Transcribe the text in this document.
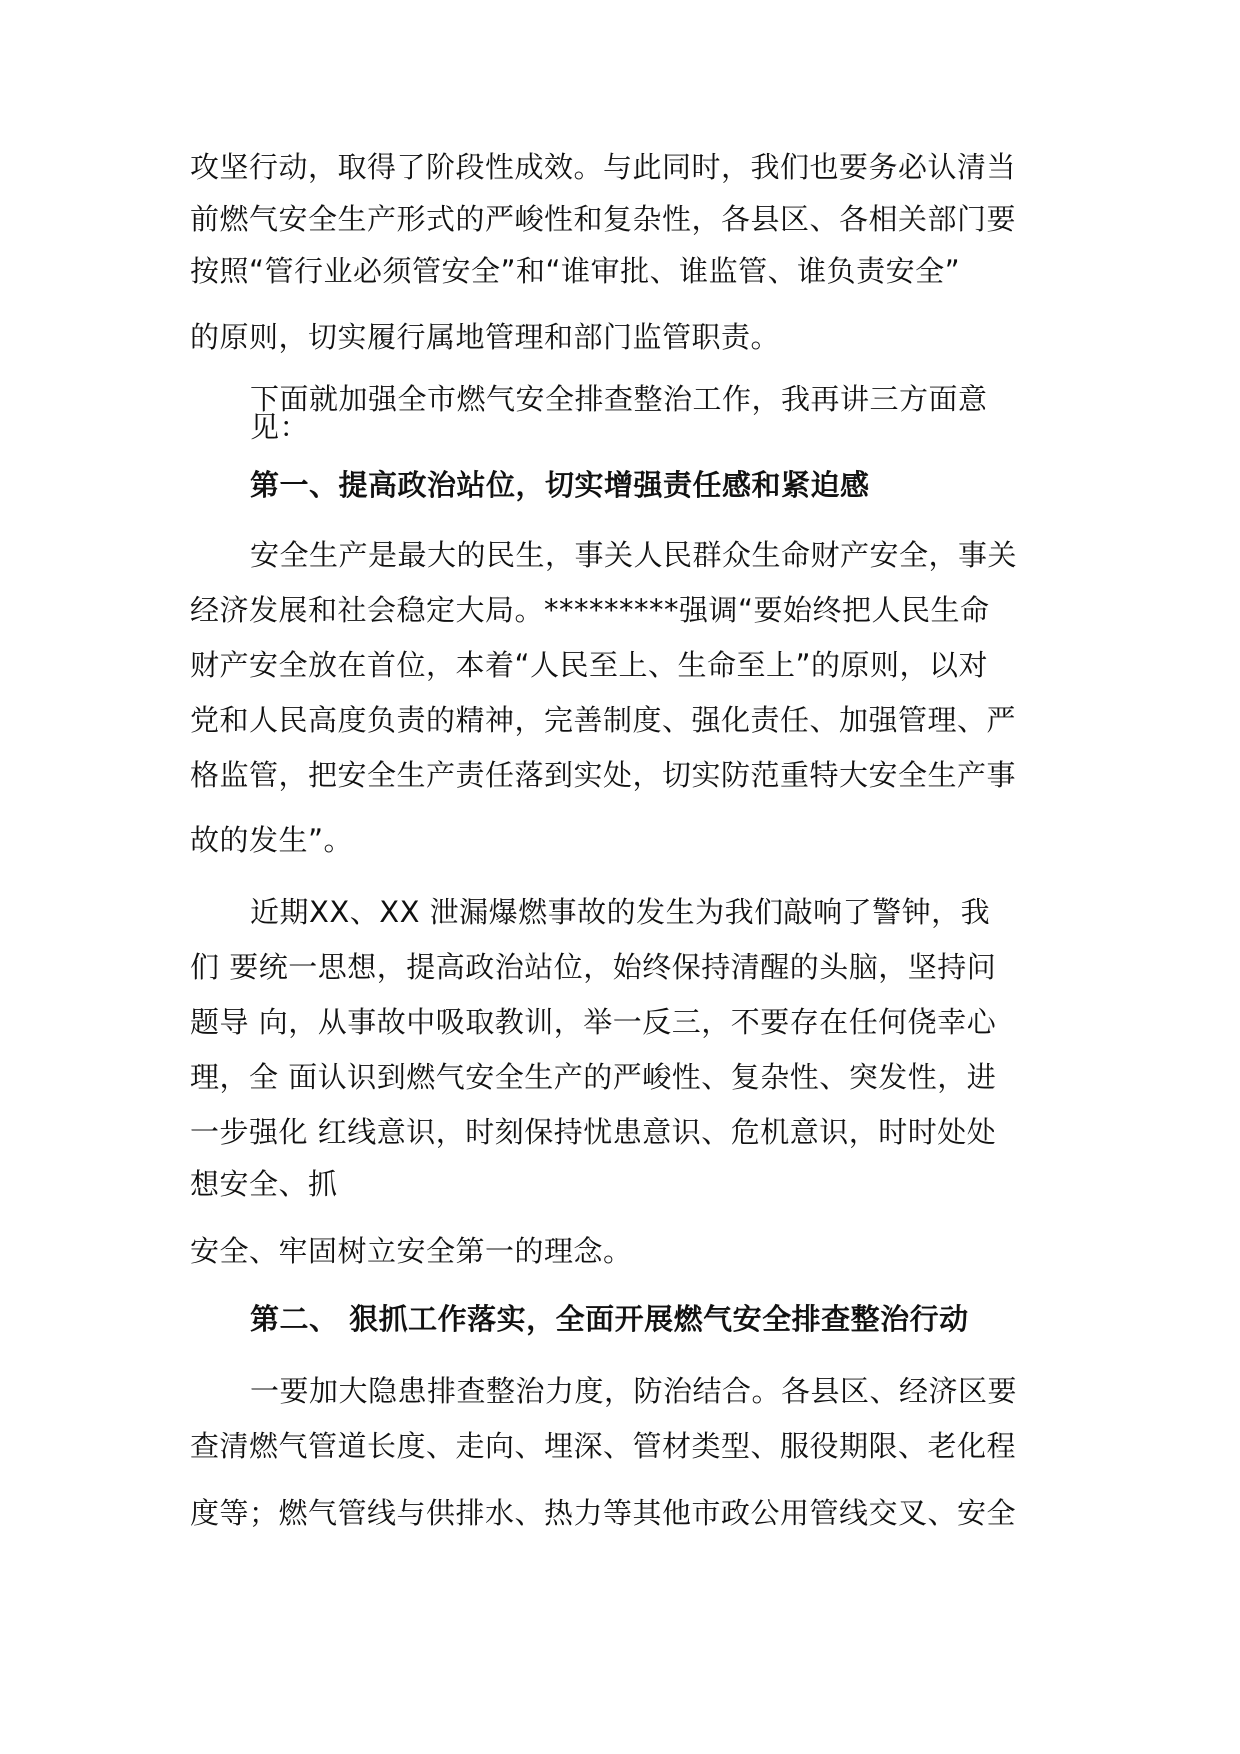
攻坚行动，取得了阶段性成效。与此同时，我们也要务必认清当

前燃气安全生产形式的严峻性和复杂性，各县区、各相关部门要

按照“管行业必须管安全”和“谁审批、谁监管、谁负责安全”

的原则，切实履行属地管理和部门监管职责。

下面就加强全市燃气安全排查整治工作，我再讲三方面意

见：

第一、提高政治站位，切实增强责任感和紧迫感

安全生产是最大的民生，事关人民群众生命财产安全，事关

经济发展和社会稳定大局。*********强调“要始终把人民生命

财产安全放在首位，本着“人民至上、生命至上”的原则，以对

党和人民高度负责的精神，完善制度、强化责任、加强管理、严

格监管，把安全生产责任落到实处，切实防范重特大安全生产事

故的发生”。

近期XX、XX 泄漏爆燃事故的发生为我们敲响了警钟，我

们 要统一思想，提高政治站位，始终保持清醒的头脑，坚持问

题导 向，从事故中吸取教训，举一反三，不要存在任何侥幸心

理，全 面认识到燃气安全生产的严峻性、复杂性、突发性，进

一步强化 红线意识，时刻保持忧患意识、危机意识，时时处处

想安全、抓

安全、牢固树立安全第一的理念。

第二、 狠抓工作落实，全面开展燃气安全排查整治行动

一要加大隐患排查整治力度，防治结合。各县区、经济区要

查清燃气管道长度、走向、埋深、管材类型、服役期限、老化程

度等；燃气管线与供排水、热力等其他市政公用管线交叉、安全
